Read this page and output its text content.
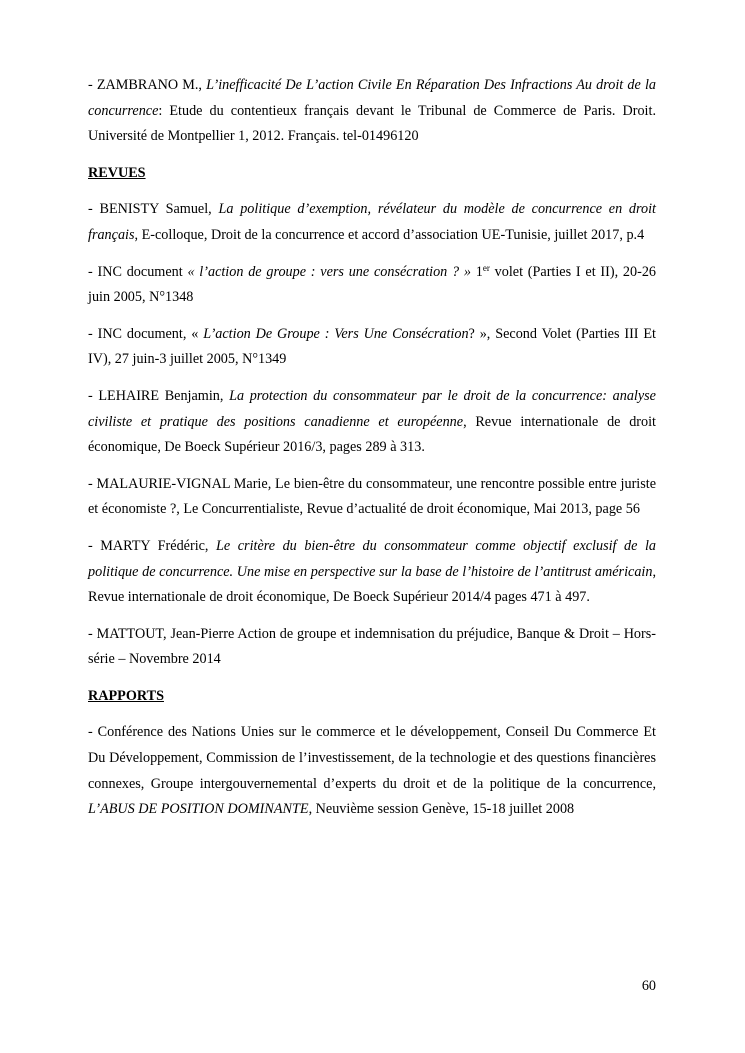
- ZAMBRANO M., L’inefficacité De L’action Civile En Réparation Des Infractions Au droit de la concurrence: Etude du contentieux français devant le Tribunal de Commerce de Paris. Droit. Université de Montpellier 1, 2012. Français. tel-01496120

REVUES

- BENISTY Samuel, La politique d’exemption, révélateur du modèle de concurrence en droit français, E-colloque, Droit de la concurrence et accord d’association UE-Tunisie, juillet 2017, p.4

- INC document « l’action de groupe : vers une consécration ? » 1er volet (Parties I et II), 20-26 juin 2005, N°1348

- INC document, « L’action De Groupe : Vers Une Consécration? », Second Volet (Parties III Et IV), 27 juin-3 juillet 2005, N°1349

- LEHAIRE Benjamin, La protection du consommateur par le droit de la concurrence: analyse civiliste et pratique des positions canadienne et européenne, Revue internationale de droit économique, De Boeck Supérieur 2016/3, pages 289 à 313.

- MALAURIE-VIGNAL Marie, Le bien-être du consommateur, une rencontre possible entre juriste et économiste ?, Le Concurrentialiste, Revue d’actualité de droit économique, Mai 2013, page 56

- MARTY Frédéric, Le critère du bien-être du consommateur comme objectif exclusif de la politique de concurrence. Une mise en perspective sur la base de l’histoire de l’antitrust américain, Revue internationale de droit économique, De Boeck Supérieur 2014/4 pages 471 à 497.

- MATTOUT, Jean-Pierre Action de groupe et indemnisation du préjudice, Banque & Droit – Hors-série – Novembre 2014

RAPPORTS

- Conférence des Nations Unies sur le commerce et le développement, Conseil Du Commerce Et Du Développement, Commission de l’investissement, de la technologie et des questions financières connexes, Groupe intergouvernemental d’experts du droit et de la politique de la concurrence, L’ABUS DE POSITION DOMINANTE, Neuvième session Genève, 15-18 juillet 2008

60
